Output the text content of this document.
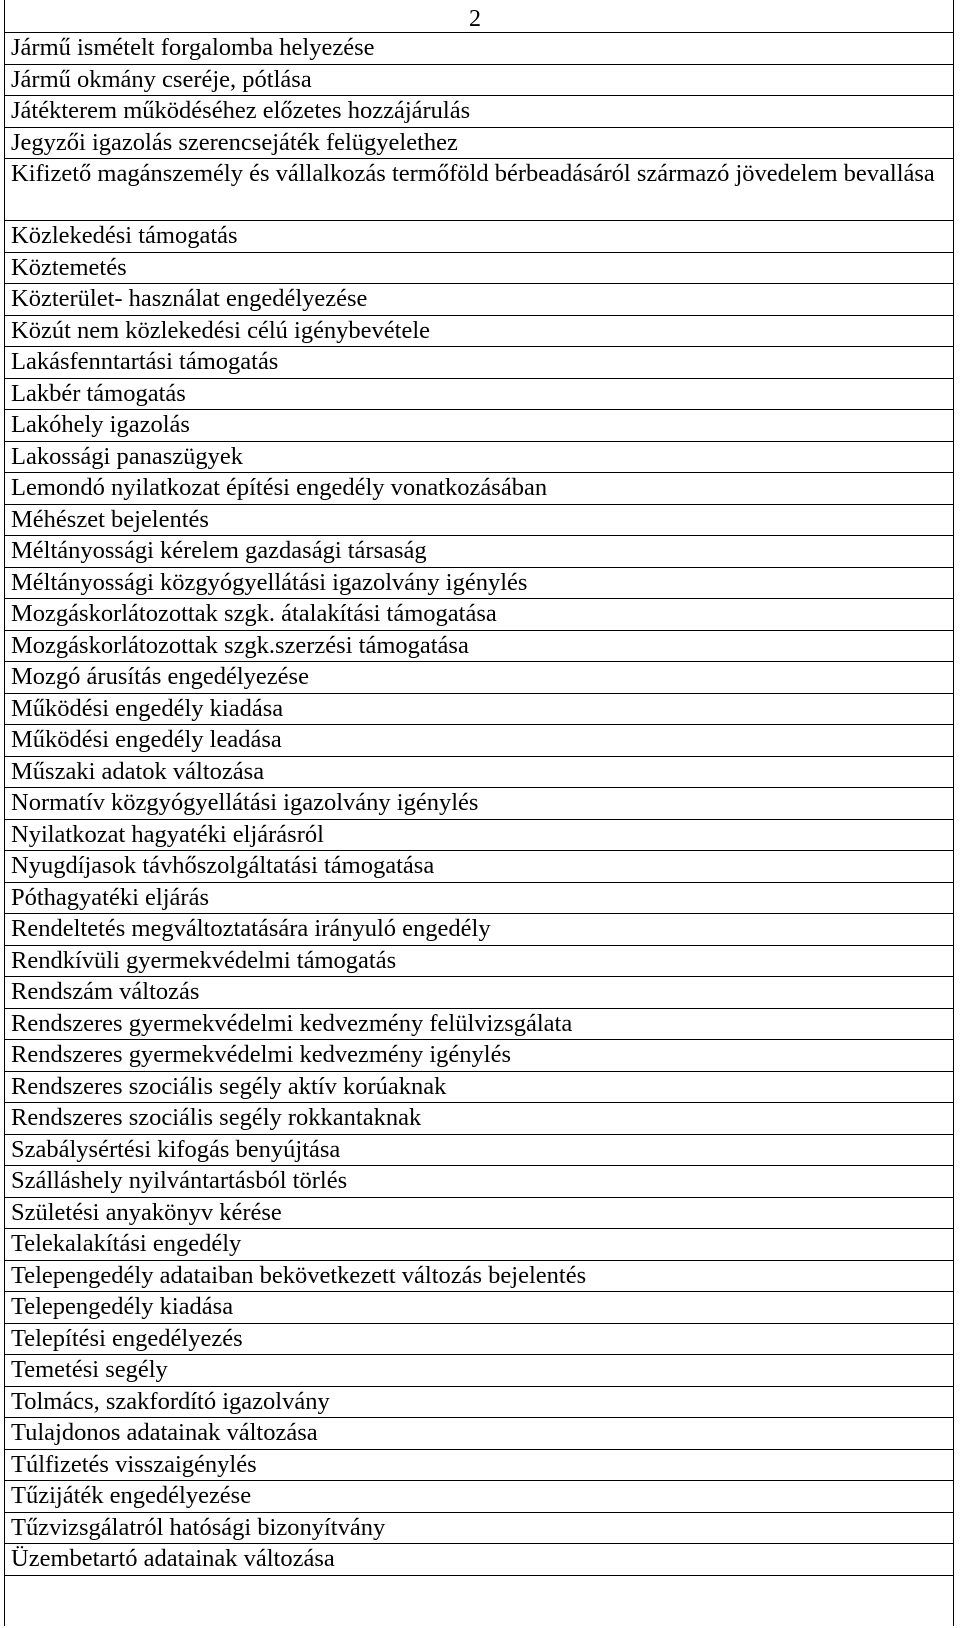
2
Jármű ismételt forgalomba helyezése
Jármű okmány cseréje, pótlása
Játékterem működéséhez előzetes hozzájárulás
Jegyzői igazolás szerencsejáték felügyelethez
Kifizető magánszemély és vállalkozás termőföld bérbeadásáról származó jövedelem bevallása
Közlekedési támogatás
Köztemetés
Közterület- használat engedélyezése
Közút nem közlekedési célú igénybevétele
Lakásfenntartási támogatás
Lakbér támogatás
Lakóhely igazolás
Lakossági panaszügyek
Lemondó nyilatkozat építési engedély vonatkozásában
Méhészet bejelentés
Méltányossági kérelem gazdasági társaság
Méltányossági közgyógyellátási igazolvány igénylés
Mozgáskorlátozottak szgk. átalakítási támogatása
Mozgáskorlátozottak szgk.szerzési támogatása
Mozgó árusítás engedélyezése
Működési engedély kiadása
Működési engedély leadása
Műszaki adatok változása
Normatív közgyógyellátási igazolvány igénylés
Nyilatkozat hagyatéki eljárásról
Nyugdíjasok távhőszolgáltatási támogatása
Póthagyatéki eljárás
Rendeltetés megváltoztatására irányuló engedély
Rendkívüli gyermekvédelmi támogatás
Rendszám változás
Rendszeres gyermekvédelmi kedvezmény felülvizsgálata
Rendszeres gyermekvédelmi kedvezmény igénylés
Rendszeres szociális segély aktív korúaknak
Rendszeres szociális segély rokkantaknak
Szabálysértési kifogás benyújtása
Szálláshely nyilvántartásból törlés
Születési anyakönyv kérése
Telekalakítási engedély
Telepengedély adataiban bekövetkezett változás bejelentés
Telepengedély kiadása
Telepítési engedélyezés
Temetési segély
Tolmács, szakfordító igazolvány
Tulajdonos adatainak változása
Túlfizetés visszaigénylés
Tűzijáték engedélyezése
Tűzvizsgálatról hatósági bizonyítvány
Üzembetartó adatainak változása
